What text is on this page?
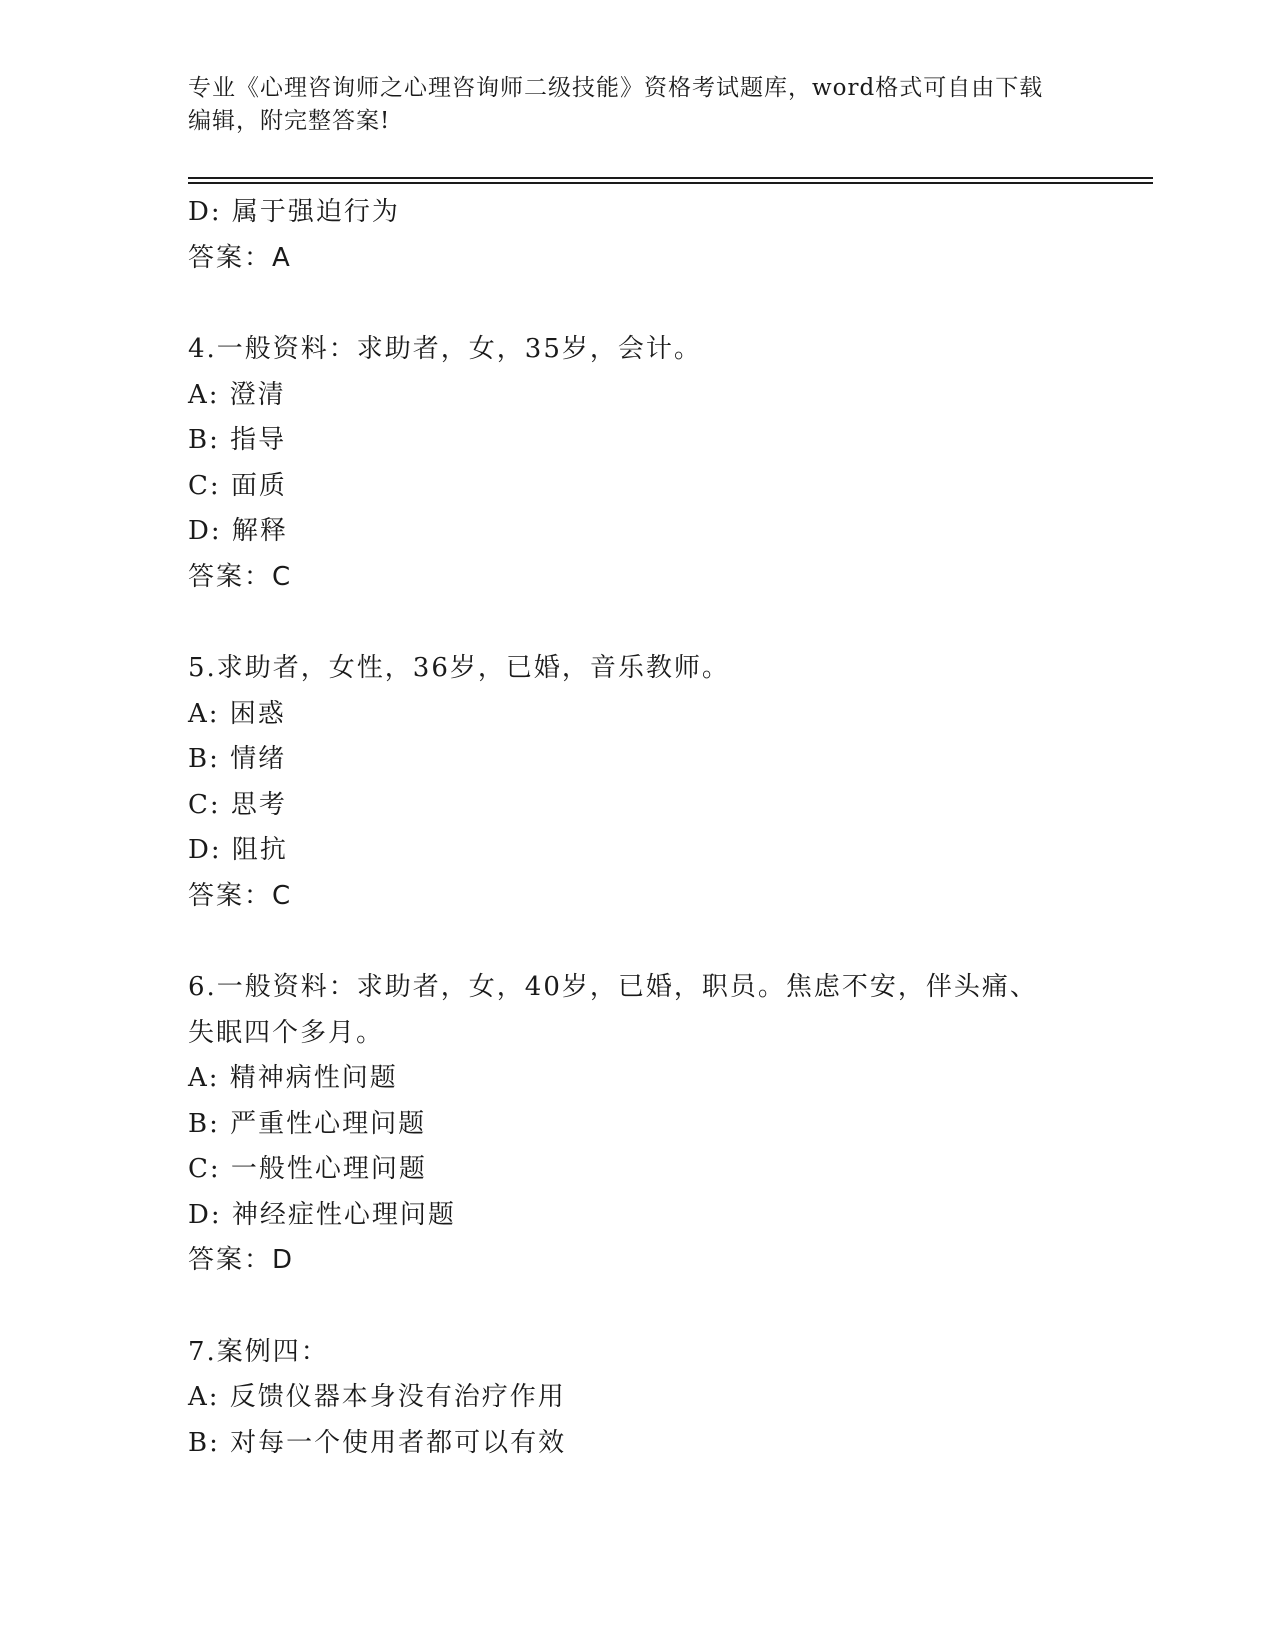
专业《心理咨询师之心理咨询师二级技能》资格考试题库，word格式可自由下载
编辑，附完整答案!
D: 属于强迫行为
答案：A
4.一般资料：求助者，女，35岁，会计。
A: 澄清
B: 指导
C: 面质
D: 解释
答案：C
5.求助者，女性，36岁，已婚，音乐教师。
A: 困惑
B: 情绪
C: 思考
D: 阻抗
答案：C
6.一般资料：求助者，女，40岁，已婚，职员。焦虑不安，伴头痛、
失眠四个多月。
A: 精神病性问题
B: 严重性心理问题
C: 一般性心理问题
D: 神经症性心理问题
答案：D
7.案例四：
A: 反馈仪器本身没有治疗作用
B: 对每一个使用者都可以有效
